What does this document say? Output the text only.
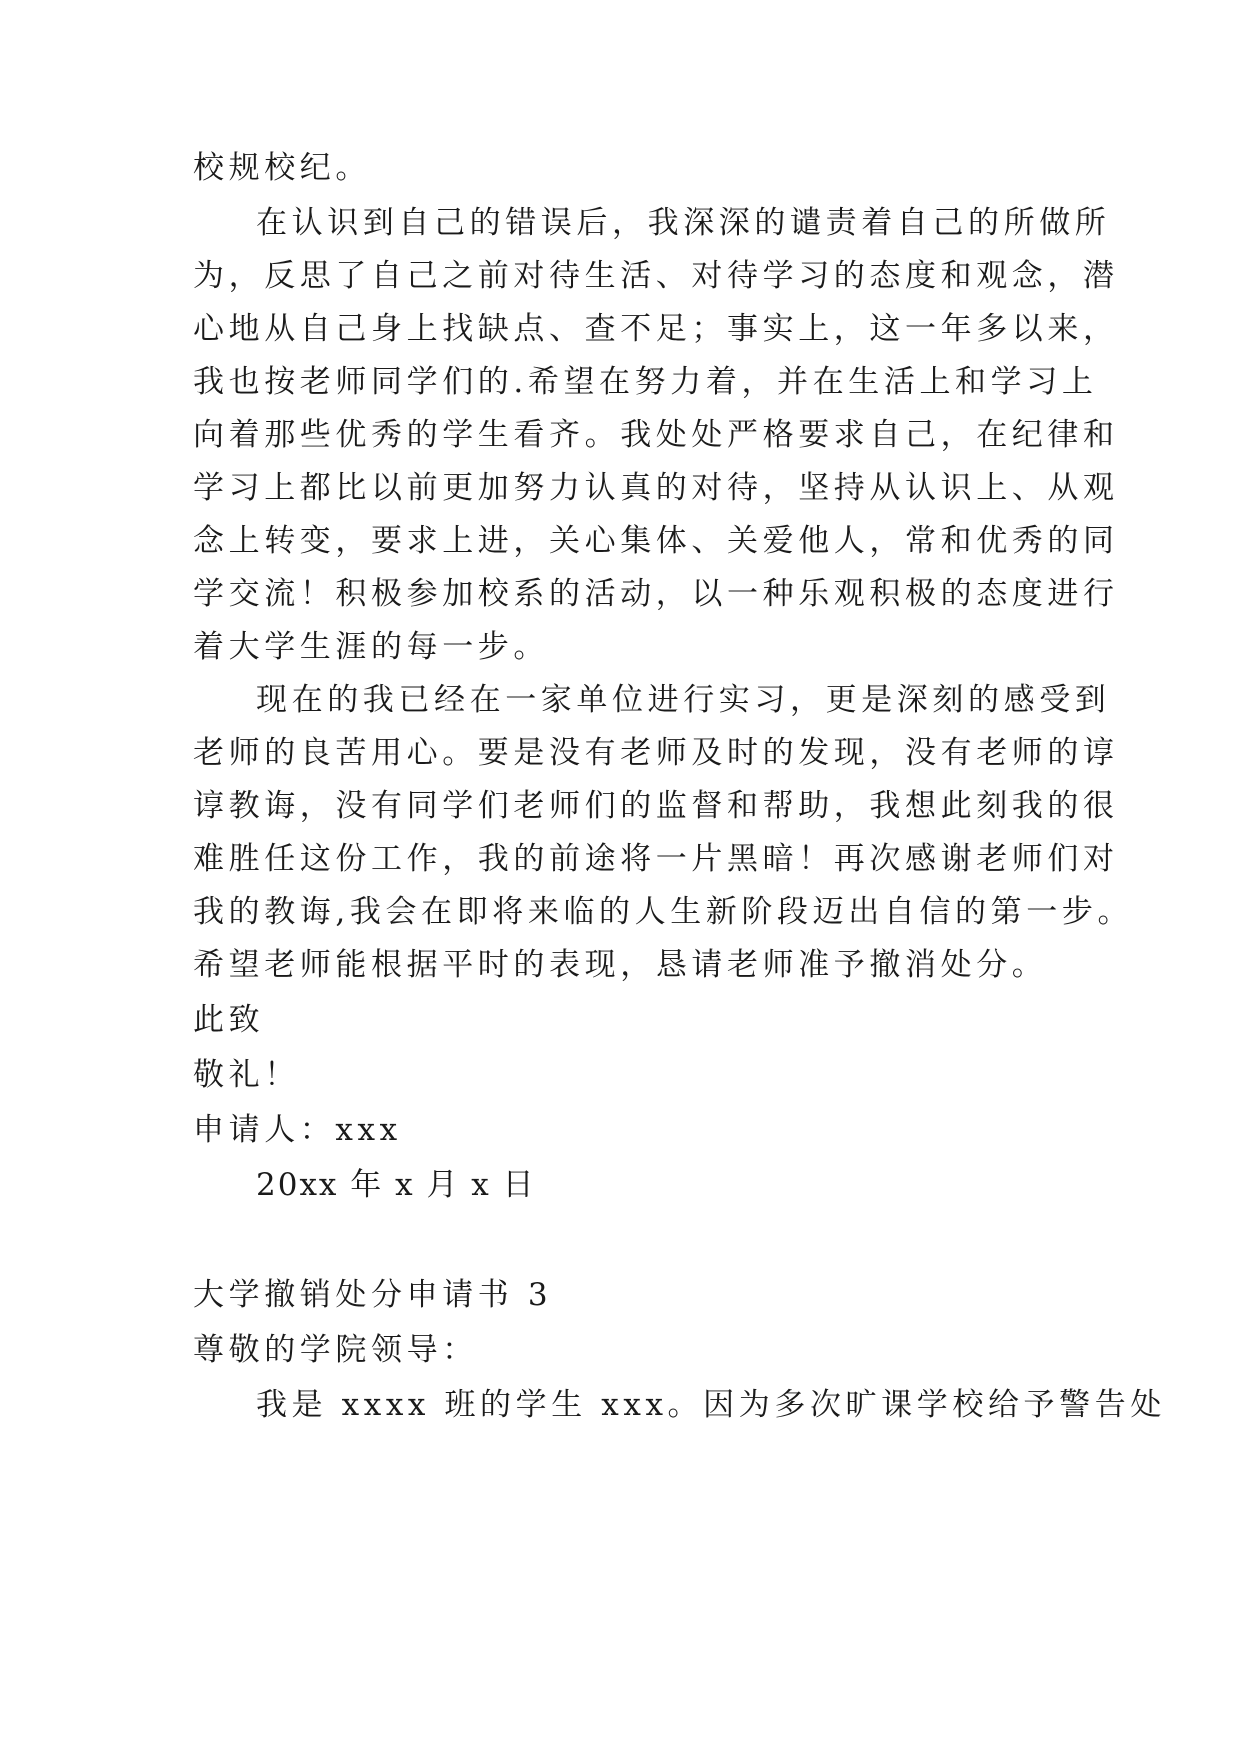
校规校纪。
在认识到自己的错误后，我深深的谴责着自己的所做所
为，反思了自己之前对待生活、对待学习的态度和观念，潜
心地从自己身上找缺点、查不足；事实上，这一年多以来，
我也按老师同学们的.希望在努力着，并在生活上和学习上
向着那些优秀的学生看齐。我处处严格要求自己，在纪律和
学习上都比以前更加努力认真的对待，坚持从认识上、从观
念上转变，要求上进，关心集体、关爱他人，常和优秀的同
学交流！积极参加校系的活动，以一种乐观积极的态度进行
着大学生涯的每一步。
现在的我已经在一家单位进行实习，更是深刻的感受到
老师的良苦用心。要是没有老师及时的发现，没有老师的谆
谆教诲，没有同学们老师们的监督和帮助，我想此刻我的很
难胜任这份工作，我的前途将一片黑暗！再次感谢老师们对
我的教诲,我会在即将来临的人生新阶段迈出自信的第一步。
希望老师能根据平时的表现，恳请老师准予撤消处分。
此致
敬礼！
申请人：xxx
20xx 年 x 月 x 日
大学撤销处分申请书 3
尊敬的学院领导：
我是 xxxx 班的学生 xxx。因为多次旷课学校给予警告处
